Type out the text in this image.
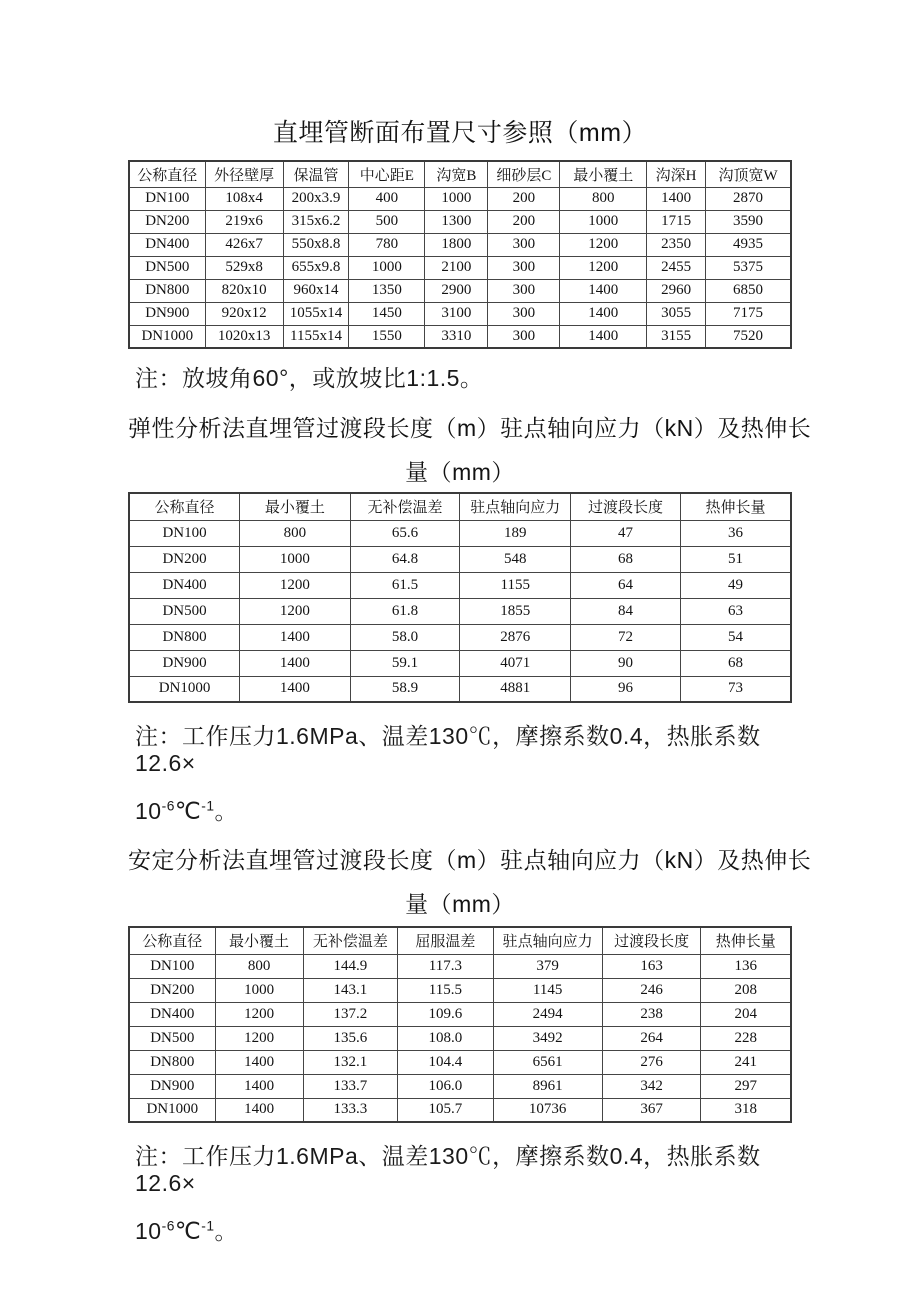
直埋管断面布置尺寸参照（mm）
公称直径	外径壁厚	保温管	中心距E	沟宽B	细砂层C	最小覆土	沟深H	沟顶宽W
DN100	108x4	200x3.9	400	1000	200	800	1400	2870
DN200	219x6	315x6.2	500	1300	200	1000	1715	3590
DN400	426x7	550x8.8	780	1800	300	1200	2350	4935
DN500	529x8	655x9.8	1000	2100	300	1200	2455	5375
DN800	820x10	960x14	1350	2900	300	1400	2960	6850
DN900	920x12	1055x14	1450	3100	300	1400	3055	7175
DN1000	1020x13	1155x14	1550	3310	300	1400	3155	7520

注：放坡角60°，或放坡比1:1.5。

弹性分析法直埋管过渡段长度（m）驻点轴向应力（kN）及热伸长
量（mm）
公称直径	最小覆土	无补偿温差	驻点轴向应力	过渡段长度	热伸长量
DN100	800	65.6	189	47	36
DN200	1000	64.8	548	68	51
DN400	1200	61.5	1155	64	49
DN500	1200	61.8	1855	84	63
DN800	1400	58.0	2876	72	54
DN900	1400	59.1	4071	90	68
DN1000	1400	58.9	4881	96	73

注：工作压力1.6MPa、温差130℃，摩擦系数0.4，热胀系数12.6×

$10^{-6}℃^{-1}$。

安定分析法直埋管过渡段长度（m）驻点轴向应力（kN）及热伸长
量（mm）
公称直径	最小覆土	无补偿温差	屈服温差	驻点轴向应力	过渡段长度	热伸长量
DN100	800	144.9	117.3	379	163	136
DN200	1000	143.1	115.5	1145	246	208
DN400	1200	137.2	109.6	2494	238	204
DN500	1200	135.6	108.0	3492	264	228
DN800	1400	132.1	104.4	6561	276	241
DN900	1400	133.7	106.0	8961	342	297
DN1000	1400	133.3	105.7	10736	367	318

注：工作压力1.6MPa、温差130℃，摩擦系数0.4，热胀系数12.6×

$10^{-6}℃^{-1}$。
